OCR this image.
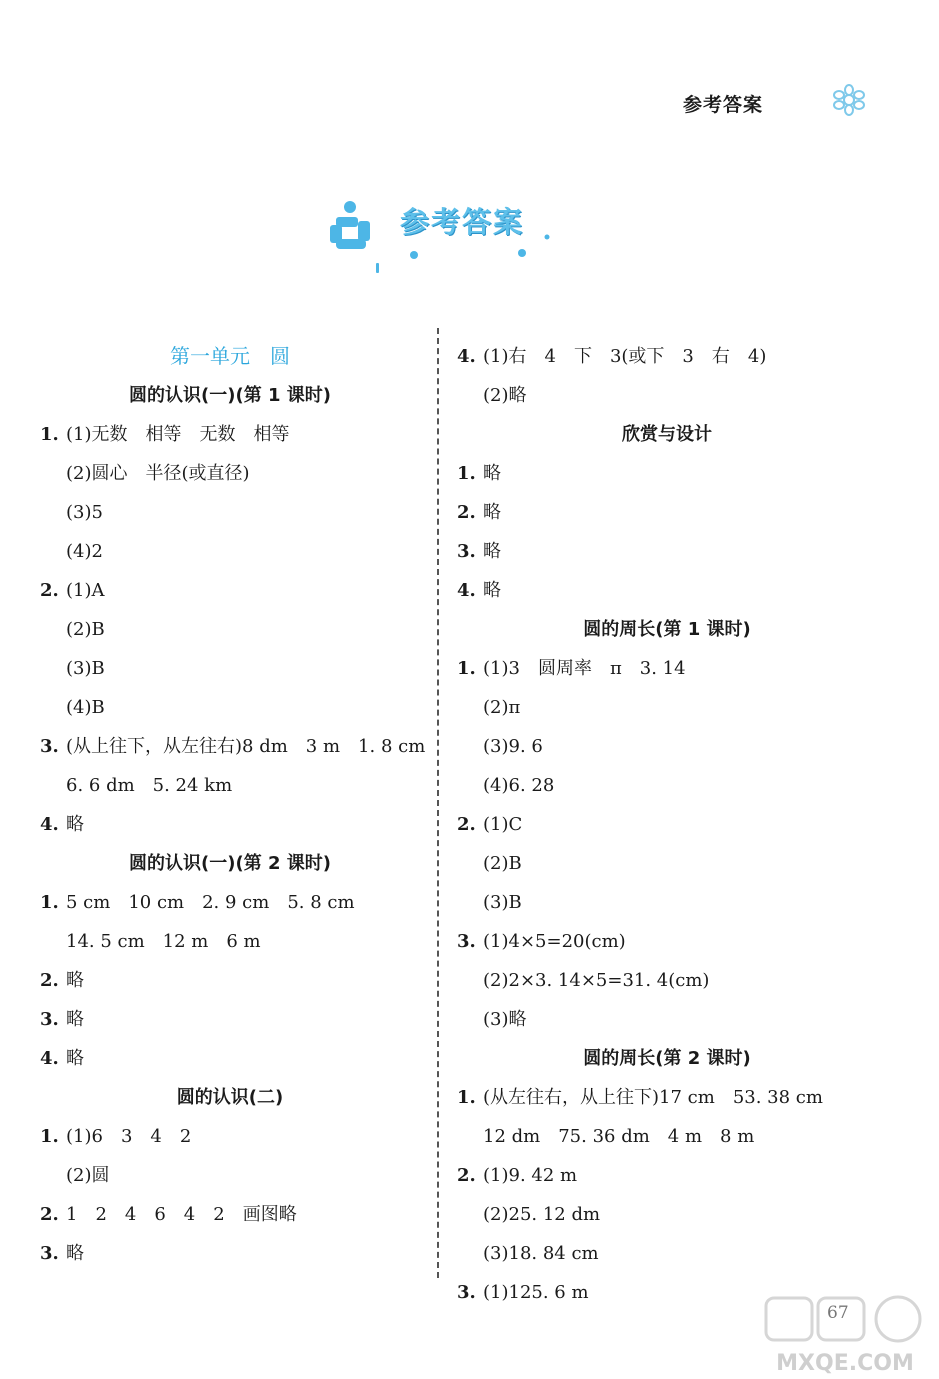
参考答案
参考答案
第一单元　圆
圆的认识(一)(第 1 课时)
1. (1)无数　相等　无数　相等
(2)圆心　半径(或直径)
(3)5
(4)2
2. (1)A
(2)B
(3)B
(4)B
3. (从上往下，从左往右)8 dm　3 m　1. 8 cm
6. 6 dm　5. 24 km
4. 略
圆的认识(一)(第 2 课时)
1. 5 cm　10 cm　2. 9 cm　5. 8 cm
14. 5 cm　12 m　6 m
2. 略
3. 略
4. 略
圆的认识(二)
1. (1)6　3　4　2
(2)圆
2. 1　2　4　6　4　2　画图略
3. 略
4. (1)右　4　下　3(或下　3　右　4)
(2)略
欣赏与设计
1. 略
2. 略
3. 略
4. 略
圆的周长(第 1 课时)
1. (1)3　圆周率　π　3. 14
(2)π
(3)9. 6
(4)6. 28
2. (1)C
(2)B
(3)B
3. (1)4×5=20(cm)
(2)2×3. 14×5=31. 4(cm)
(3)略
圆的周长(第 2 课时)
1. (从左往右，从上往下)17 cm　53. 38 cm
12 dm　75. 36 dm　4 m　8 m
2. (1)9. 42 m
(2)25. 12 dm
(3)18. 84 cm
3. (1)125. 6 m
67
MXQE.COM
